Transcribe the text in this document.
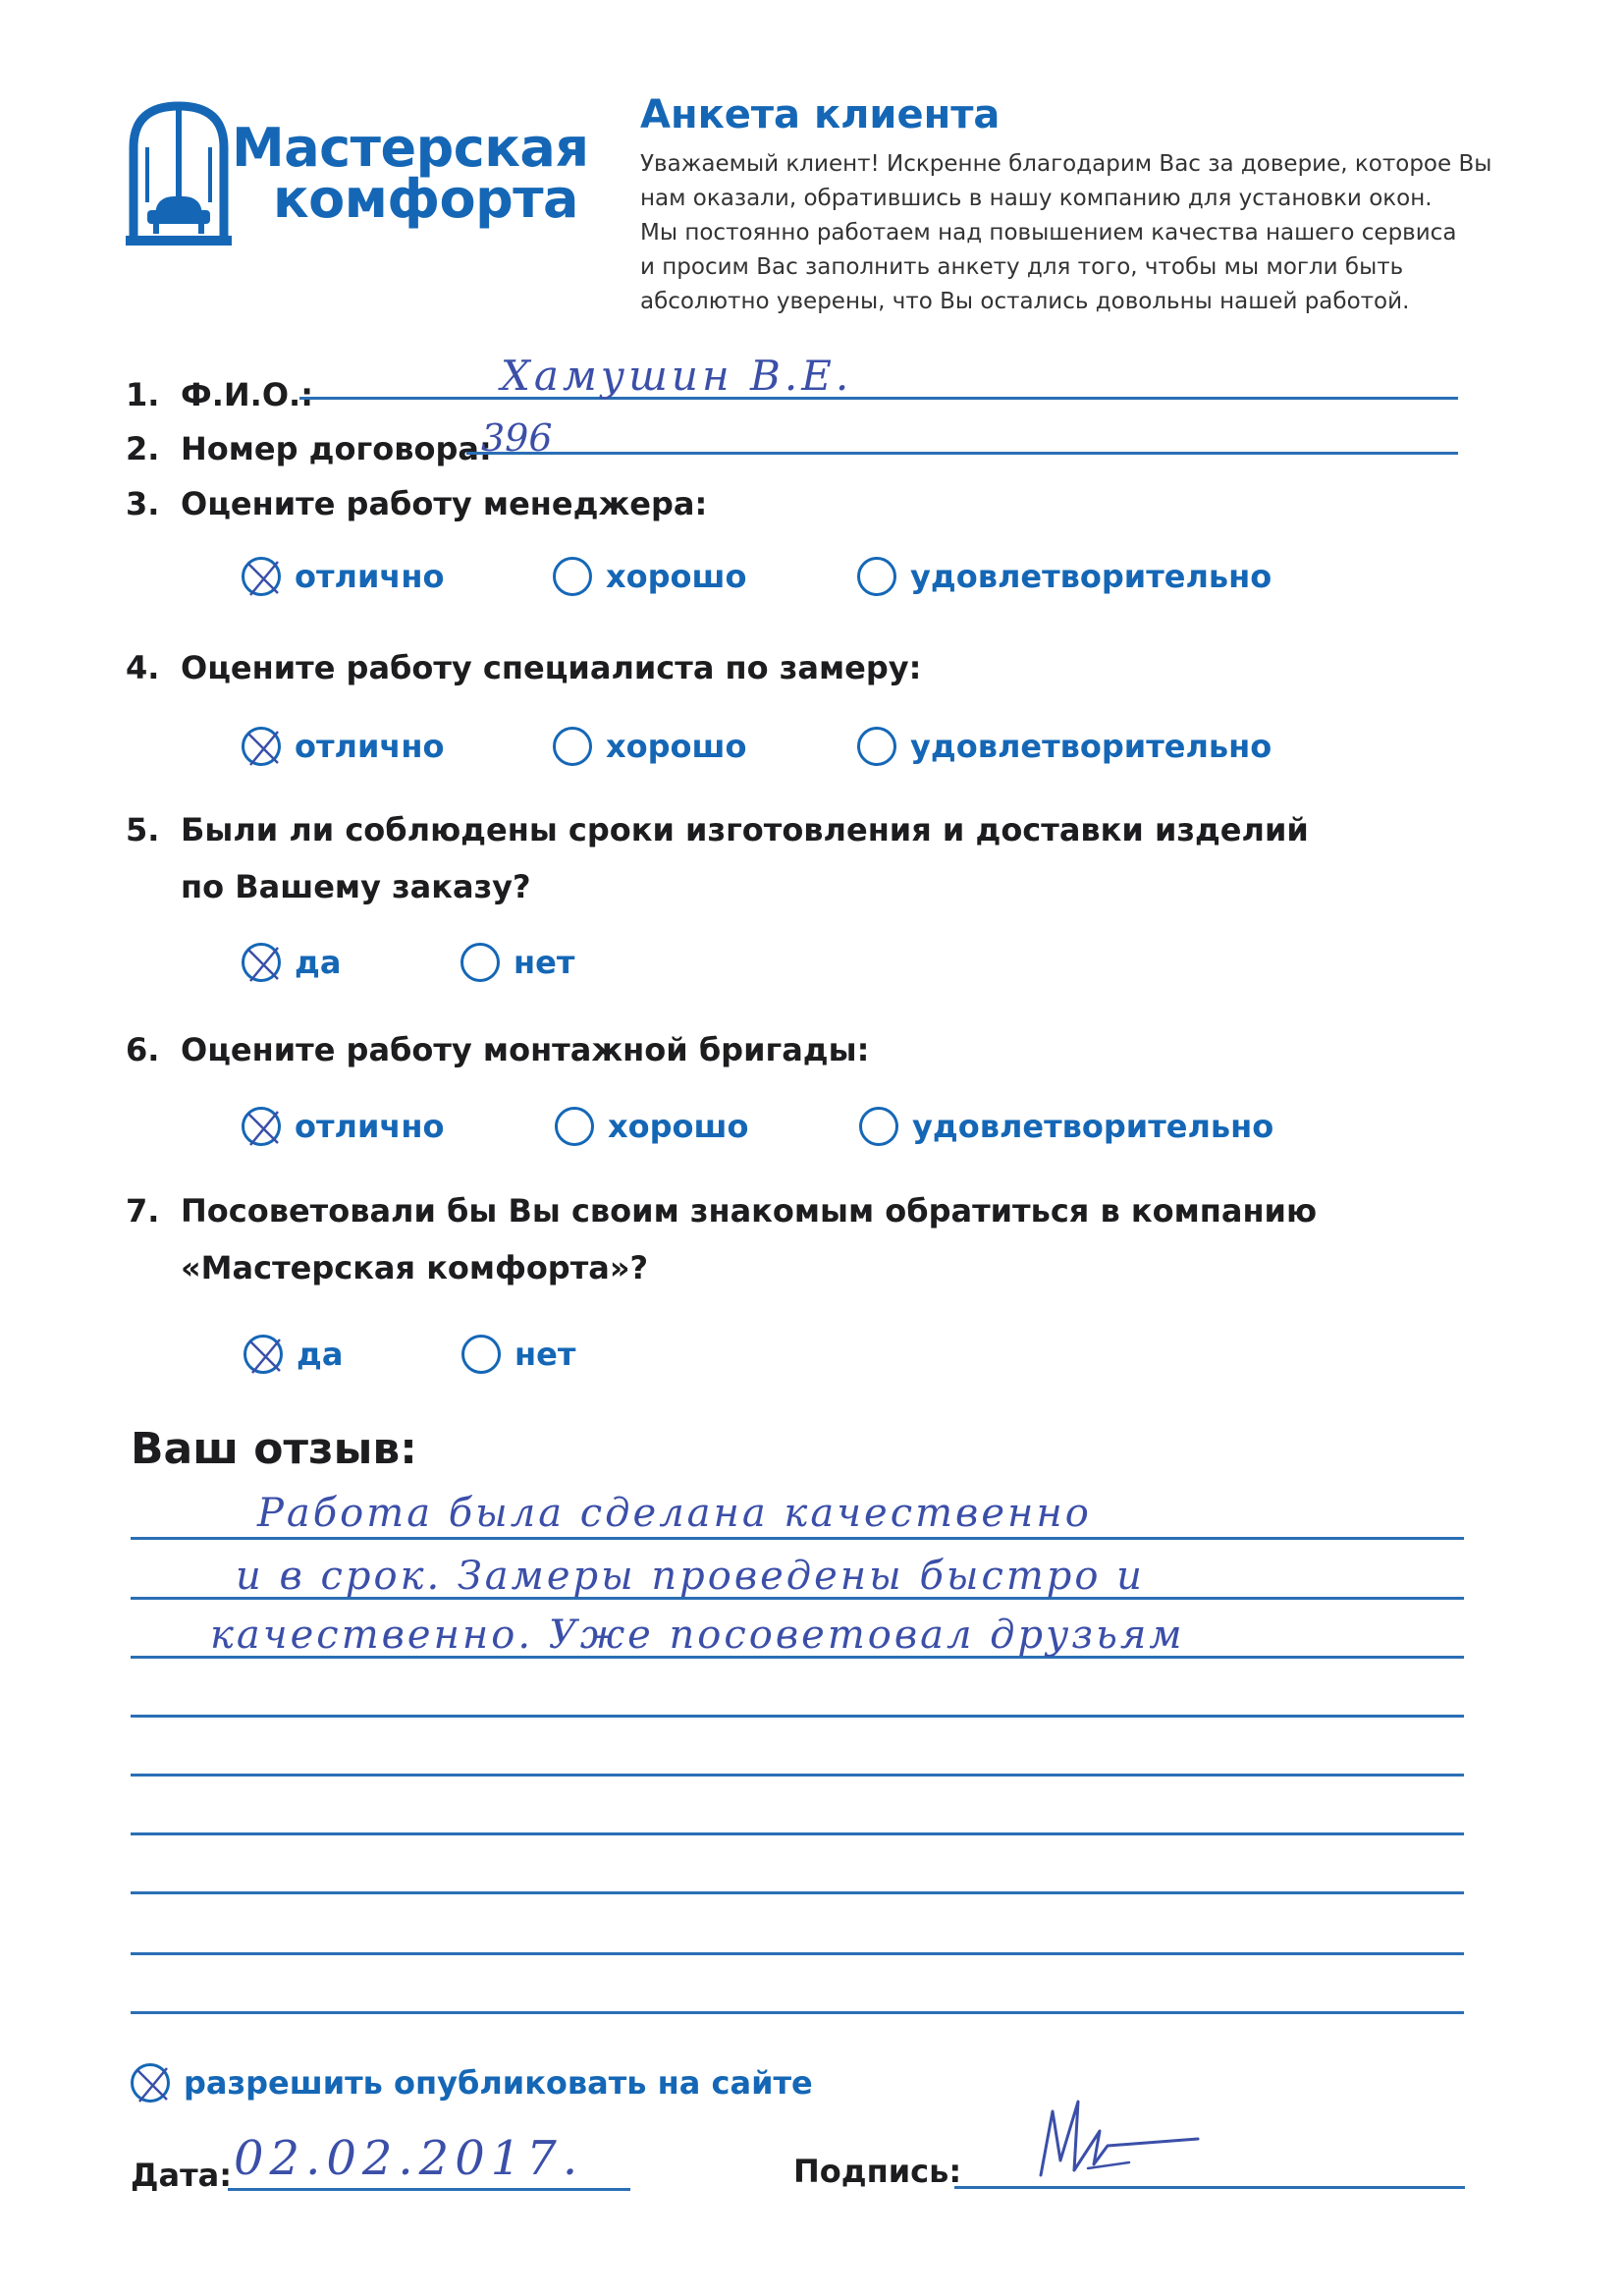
Мастерская
комфорта
Анкета клиента
Уважаемый клиент! Искренне благодарим Вас за доверие, которое Вы
нам оказали, обратившись в нашу компанию для установки окон.
Мы постоянно работаем над повышением качества нашего сервиса
и просим Вас заполнить анкету для того, чтобы мы могли быть
абсолютно уверены, что Вы остались довольны нашей работой.
1. Ф.И.О.:	Хамушин В.Е.
2. Номер договора:
396
3. Оцените работу менеджера:
отлично	хорошо	удовлетворительно
4. Оцените работу специалиста по замеру:
отлично	хорошо	удовлетворительно
5. Были ли соблюдены сроки изготовления и доставки изделий
по Вашему заказу?
да	нет
6. Оцените работу монтажной бригады:
отлично	хорошо	удовлетворительно
7. Посоветовали бы Вы своим знакомым обратиться в компанию
«Мастерская комфорта»?
да	нет
Ваш отзыв:
Работа была сделана качественно
и в срок. Замеры проведены быстро и
качественно. Уже посоветовал друзьям
разрешить опубликовать на сайте
Дата: 02.02.2017.	Подпись:
